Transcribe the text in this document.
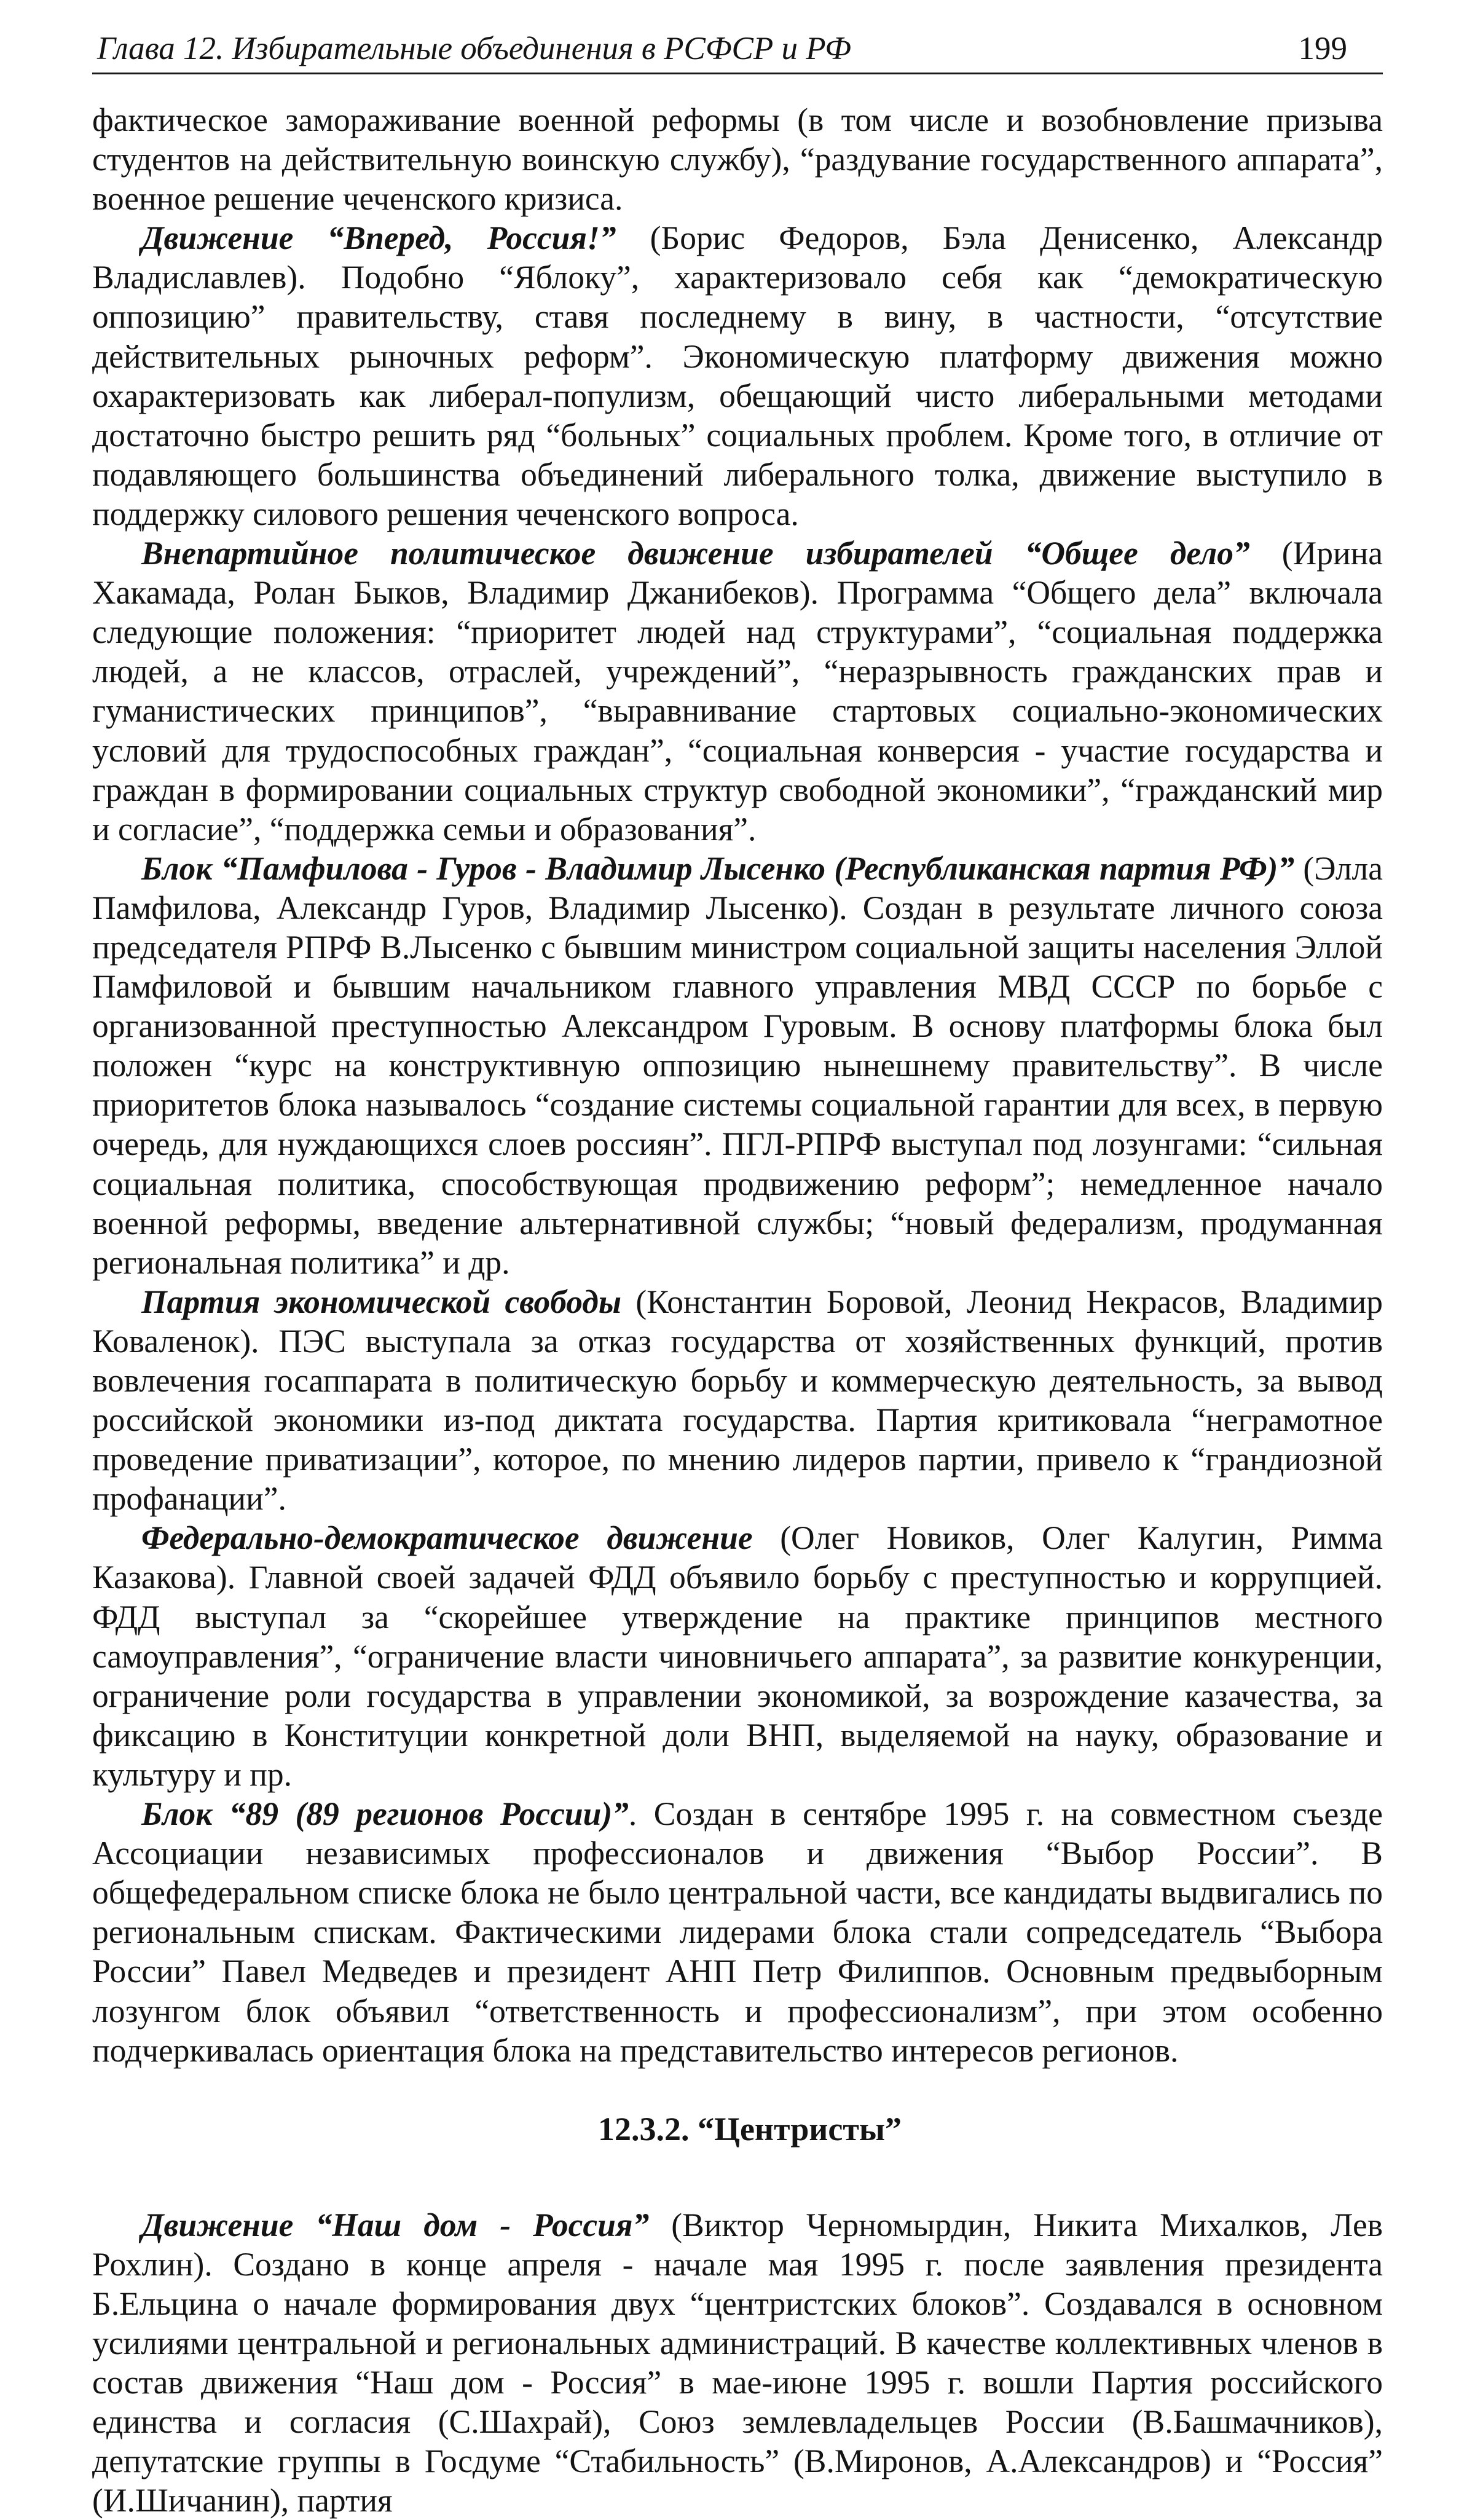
Глава 12. Избирательные объединения в РСФСР и РФ	199

фактическое замораживание военной реформы (в том числе и возобновление призыва студентов на действительную воинскую службу), “раздувание государственного аппарата”, военное решение чеченского кризиса.

Движение “Вперед, Россия!” (Борис Федоров, Бэла Денисенко, Александр Владиславлев). Подобно “Яблоку”, характеризовало себя как “демократическую оппозицию” правительству, ставя последнему в вину, в частности, “отсутствие действительных рыночных реформ”. Экономическую платформу движения можно охарактеризовать как либерал-популизм, обещающий чисто либеральными методами достаточно быстро решить ряд “больных” социальных проблем. Кроме того, в отличие от подавляющего большинства объединений либерального толка, движение выступило в поддержку силового решения чеченского вопроса.

Внепартийное политическое движение избирателей “Общее дело” (Ирина Хакамада, Ролан Быков, Владимир Джанибеков). Программа “Общего дела” включала следующие положения: “приоритет людей над структурами”, “социальная поддержка людей, а не классов, отраслей, учреждений”, “неразрывность гражданских прав и гуманистических принципов”, “выравнивание стартовых социально-экономических условий для трудоспособных граждан”, “социальная конверсия - участие государства и граждан в формировании социальных структур свободной экономики”, “гражданский мир и согласие”, “поддержка семьи и образования”.

Блок “Памфилова - Гуров - Владимир Лысенко (Республиканская партия РФ)” (Элла Памфилова, Александр Гуров, Владимир Лысенко). Создан в результате личного союза председателя РПРФ В.Лысенко с бывшим министром социальной защиты населения Эллой Памфиловой и бывшим начальником главного управления МВД СССР по борьбе с организованной преступностью Александром Гуровым. В основу платформы блока был положен “курс на конструктивную оппозицию нынешнему правительству”. В числе приоритетов блока называлось “создание системы социальной гарантии для всех, в первую очередь, для нуждающихся слоев россиян”. ПГЛ-РПРФ выступал под лозунгами: “сильная социальная политика, способствующая продвижению реформ”; немедленное начало военной реформы, введение альтернативной службы; “новый федерализм, продуманная региональная политика” и др.

Партия экономической свободы (Константин Боровой, Леонид Некрасов, Владимир Коваленок). ПЭС выступала за отказ государства от хозяйственных функций, против вовлечения госаппарата в политическую борьбу и коммерческую деятельность, за вывод российской экономики из-под диктата государства. Партия критиковала “неграмотное проведение приватизации”, которое, по мнению лидеров партии, привело к “грандиозной профанации”.

Федерально-демократическое движение (Олег Новиков, Олег Калугин, Римма Казакова). Главной своей задачей ФДД объявило борьбу с преступностью и коррупцией. ФДД выступал за “скорейшее утверждение на практике принципов местного самоуправления”, “ограничение власти чиновничьего аппарата”, за развитие конкуренции, ограничение роли государства в управлении экономикой, за возрождение казачества, за фиксацию в Конституции конкретной доли ВНП, выделяемой на науку, образование и культуру и пр.

Блок “89 (89 регионов России)”. Создан в сентябре 1995 г. на совместном съезде Ассоциации независимых профессионалов и движения “Выбор России”. В общефедеральном списке блока не было центральной части, все кандидаты выдвигались по региональным спискам. Фактическими лидерами блока стали сопредседатель “Выбора России” Павел Медведев и президент АНП Петр Филиппов. Основным предвыборным лозунгом блок объявил “ответственность и профессионализм”, при этом особенно подчеркивалась ориентация блока на представительство интересов регионов.

12.3.2. “Центристы”

Движение “Наш дом - Россия” (Виктор Черномырдин, Никита Михалков, Лев Рохлин). Создано в конце апреля - начале мая 1995 г. после заявления президента Б.Ельцина о начале формирования двух “центристских блоков”. Создавался в основном усилиями центральной и региональных администраций. В качестве коллективных членов в состав движения “Наш дом - Россия” в мае-июне 1995 г. вошли Партия российского единства и согласия (С.Шахрай), Союз землевладельцев России (В.Башмачников), депутатские группы в Госдуме “Стабильность” (В.Миронов, А.Александров) и “Россия” (И.Шичанин), партия
